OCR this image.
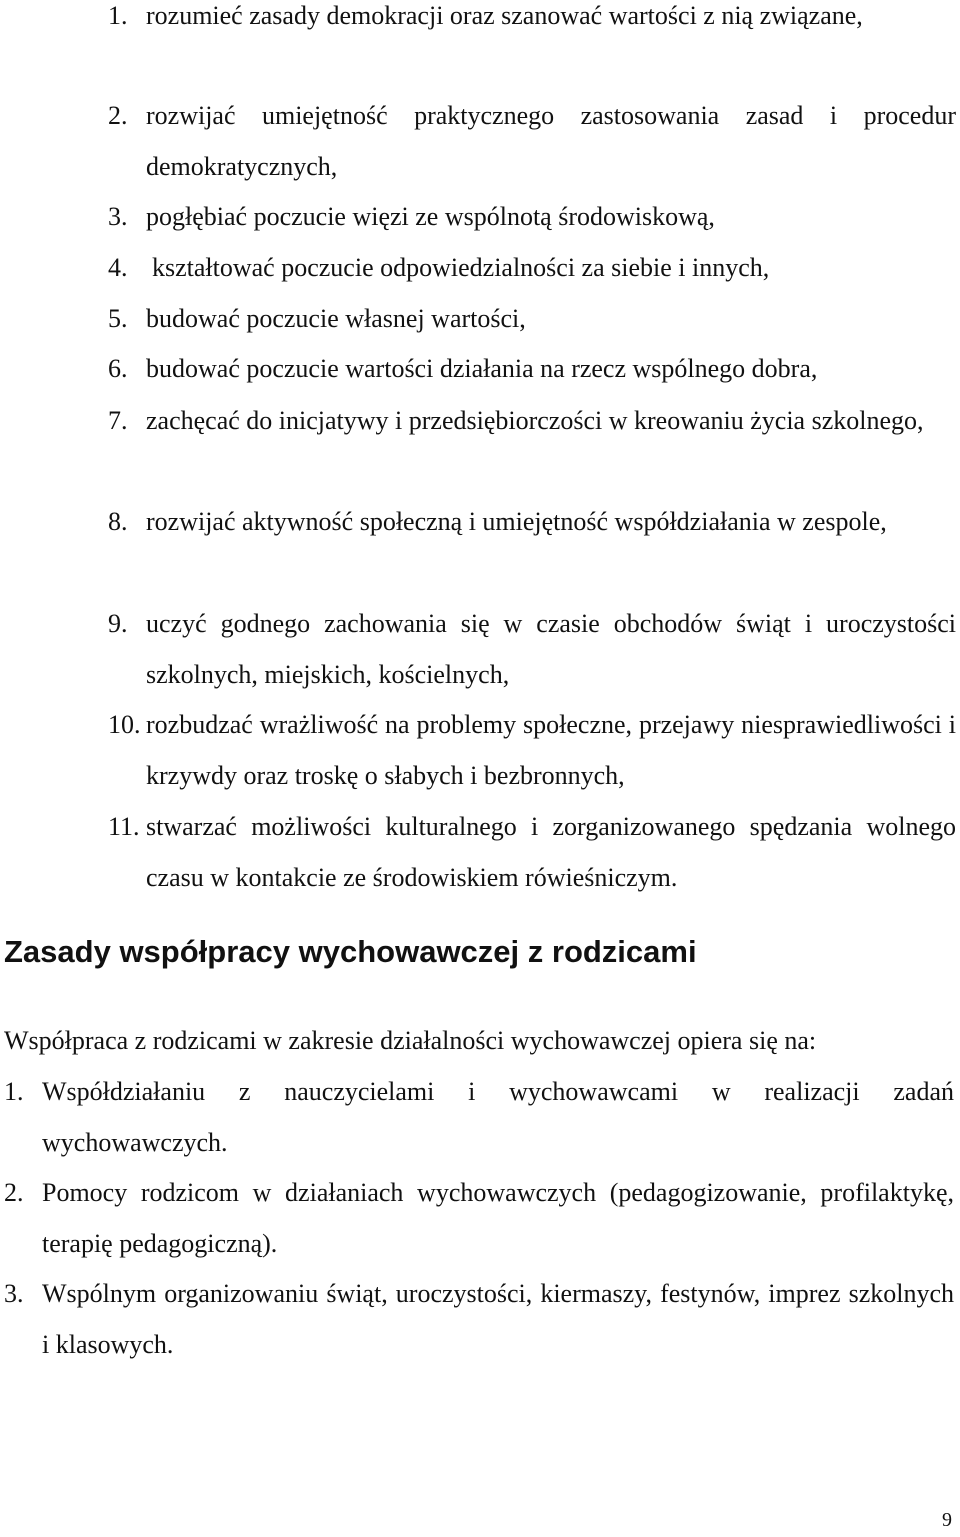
1. rozumieć zasady demokracji oraz szanować wartości z nią związane,
2. rozwijać umiejętność praktycznego zastosowania zasad i procedur demokratycznych,
3. pogłębiać poczucie więzi ze wspólnotą środowiskową,
4. kształtować poczucie odpowiedzialności za siebie i innych,
5. budować poczucie własnej wartości,
6. budować poczucie wartości działania na rzecz wspólnego dobra,
7. zachęcać do inicjatywy i przedsiębiorczości w kreowaniu życia szkolnego,
8. rozwijać aktywność społeczną i umiejętność współdziałania w zespole,
9. uczyć godnego zachowania się w czasie obchodów świąt i uroczystości szkolnych, miejskich, kościelnych,
10. rozbudzać wrażliwość na problemy społeczne, przejawy niesprawiedliwości i krzywdy oraz troskę o słabych i bezbronnych,
11. stwarzać możliwości kulturalnego i zorganizowanego spędzania wolnego czasu w kontakcie ze środowiskiem rówieśniczym.
Zasady współpracy wychowawczej z rodzicami
Współpraca z rodzicami w zakresie działalności wychowawczej opiera się na:
1. Współdziałaniu z nauczycielami i wychowawcami w realizacji zadań wychowawczych.
2. Pomocy rodzicom w działaniach wychowawczych (pedagogizowanie, profilaktykę, terapię pedagogiczną).
3. Wspólnym organizowaniu świąt, uroczystości, kiermaszy, festynów, imprez szkolnych i klasowych.
9
